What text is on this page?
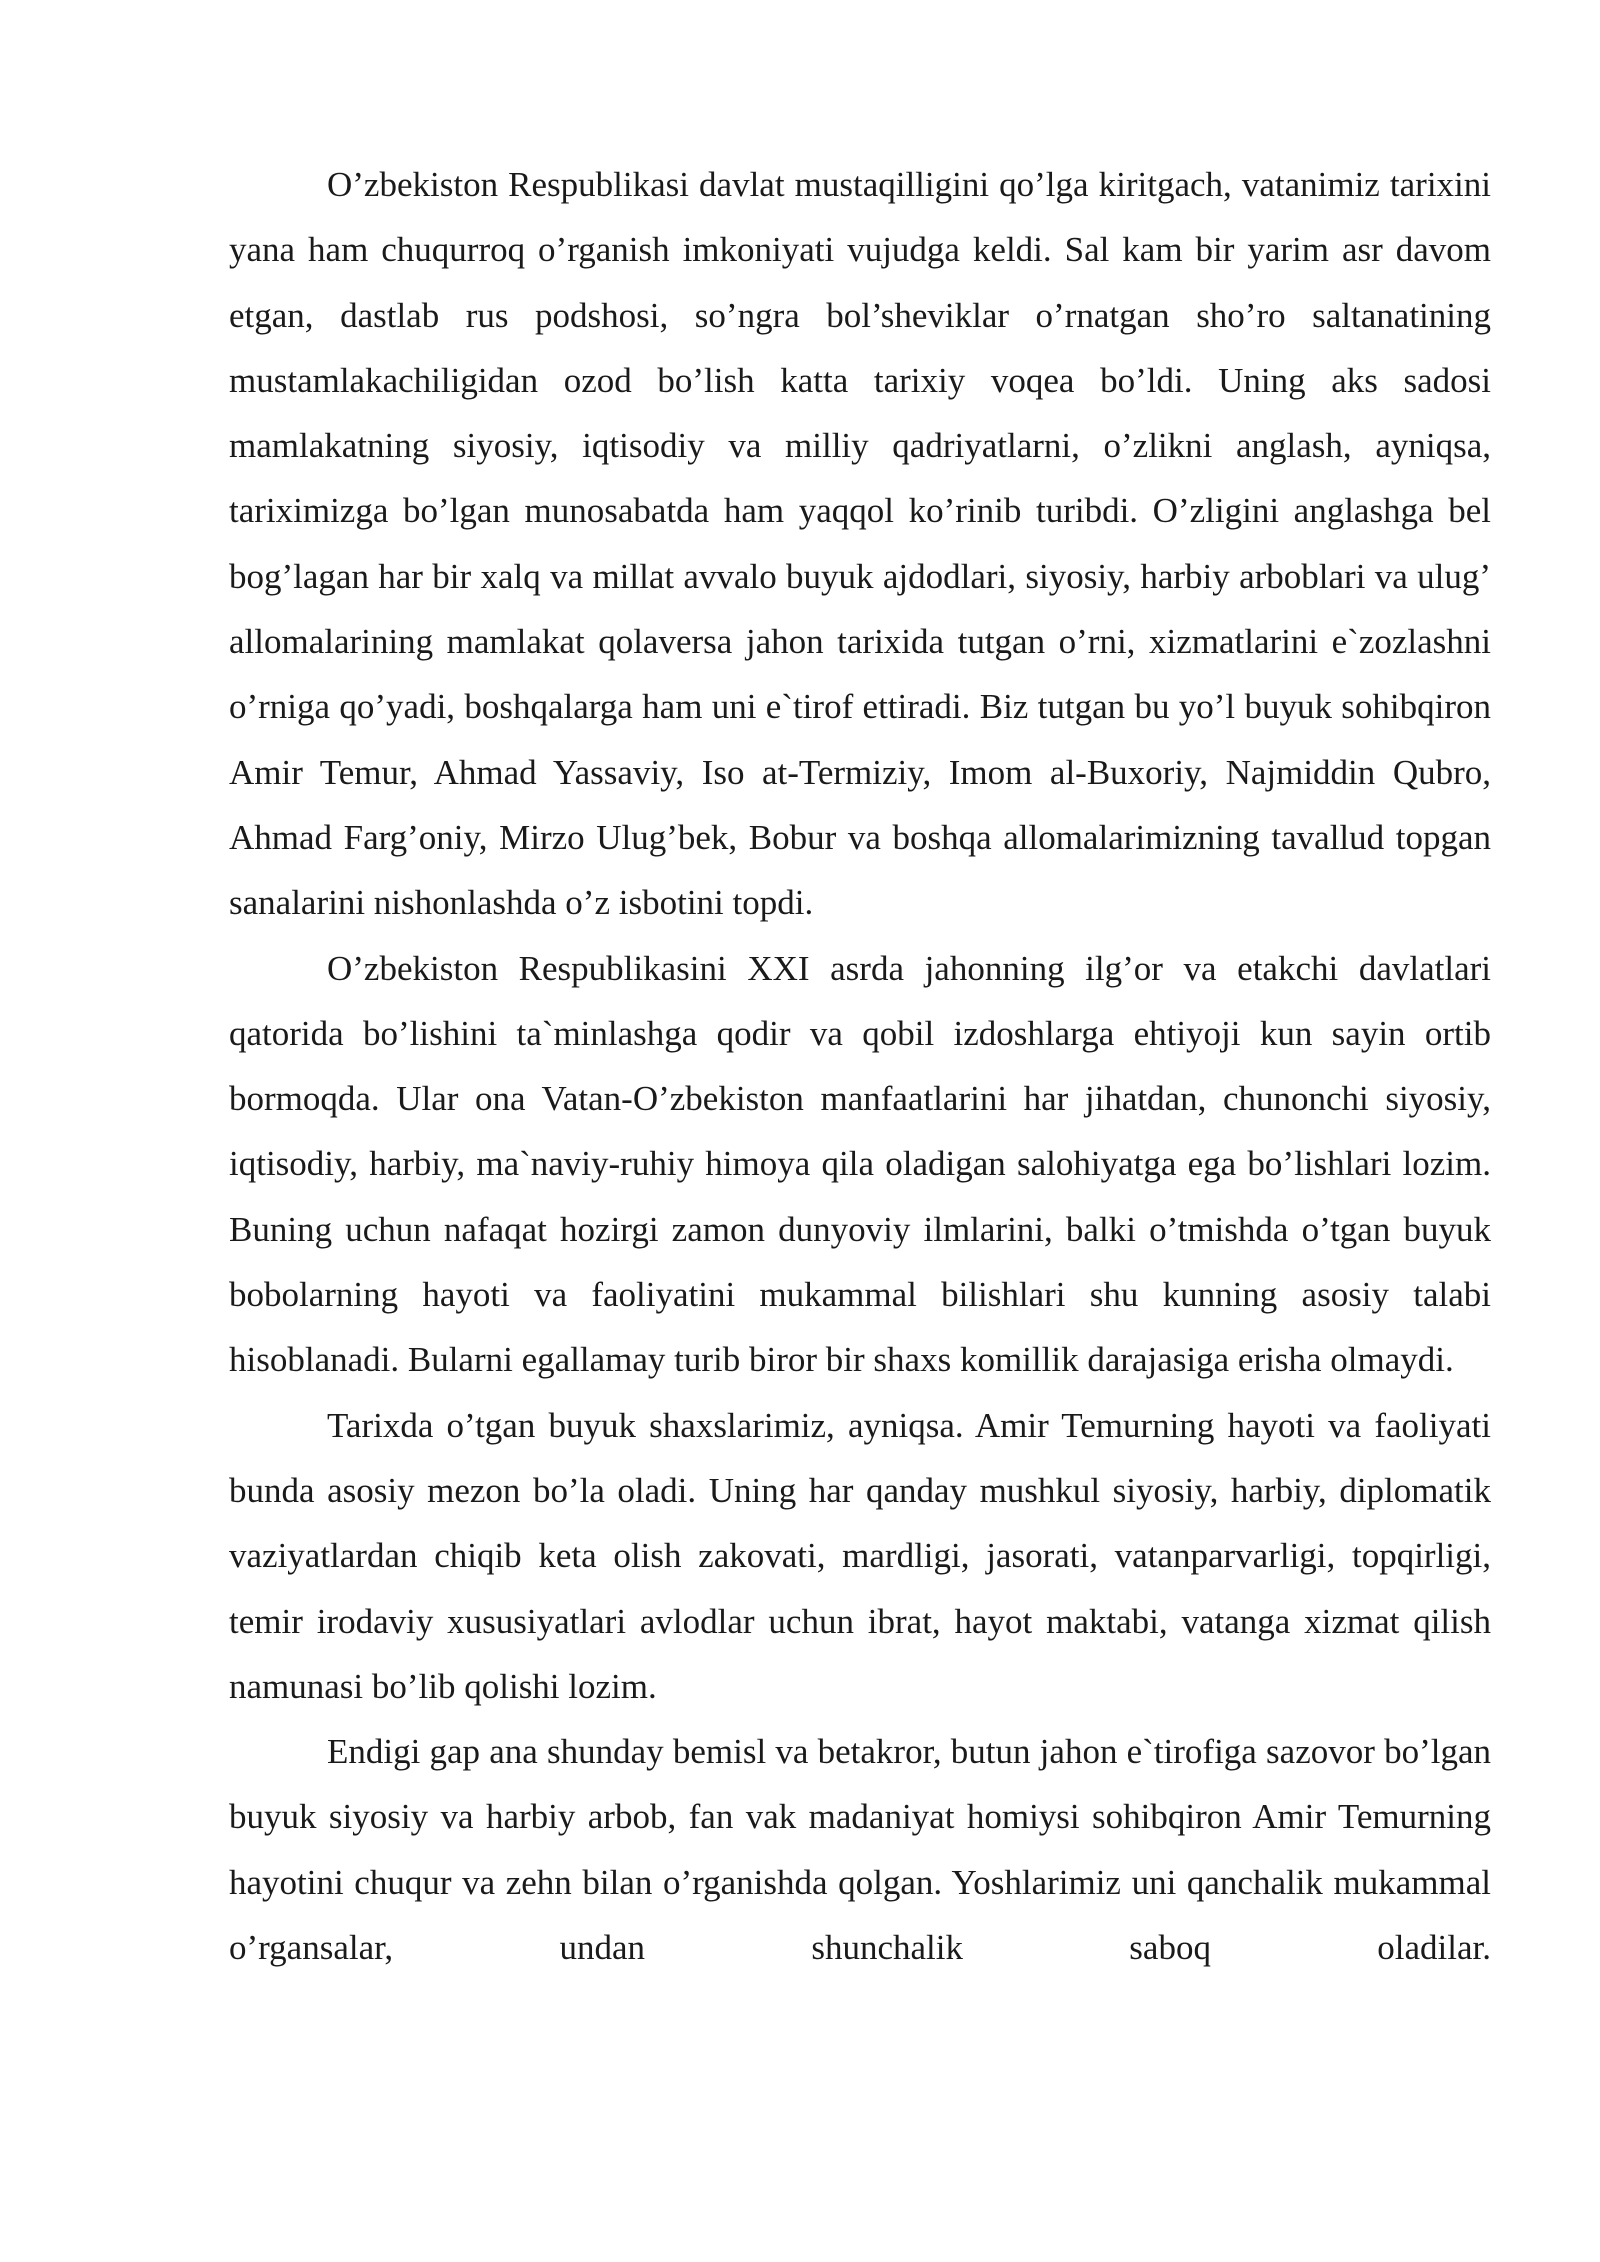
O’zbekiston Respublikasi davlat mustaqilligini qo’lga kiritgach, vatanimiz tarixini yana ham chuqurroq o’rganish imkoniyati vujudga keldi. Sal kam bir yarim asr davom etgan, dastlab rus podshosi, so’ngra bol’sheviklar o’rnatgan sho’ro saltanatining mustamlakachiligidan ozod bo’lish katta tarixiy voqea bo’ldi. Uning aks sadosi mamlakatning siyosiy, iqtisodiy va milliy qadriyatlarni, o’zlikni anglash, ayniqsa, tariximizga bo’lgan munosabatda ham yaqqol ko’rinib turibdi. O’zligini anglashga bel bog’lagan har bir xalq va millat avvalo buyuk ajdodlari, siyosiy, harbiy arboblari va ulug’ allomalarining mamlakat qolaversa jahon tarixida tutgan o’rni, xizmatlarini e`zozlashni o’rniga qo’yadi, boshqalarga ham uni e`tirof ettiradi. Biz tutgan bu yo’l buyuk sohibqiron Amir Temur, Ahmad Yassaviy, Iso at-Termiziy, Imom al-Buxoriy, Najmiddin Qubro, Ahmad Farg’oniy, Mirzo Ulug’bek, Bobur va boshqa allomalarimizning tavallud topgan sanalarini nishonlashda o’z isbotini topdi.

O’zbekiston Respublikasini XXI asrda jahonning ilg’or va etakchi davlatlari qatorida bo’lishini ta`minlashga qodir va qobil izdoshlarga ehtiyoji kun sayin ortib bormoqda. Ular ona Vatan-O’zbekiston manfaatlarini har jihatdan, chunonchi siyosiy, iqtisodiy, harbiy, ma`naviy-ruhiy himoya qila oladigan salohiyatga ega bo’lishlari lozim. Buning uchun nafaqat hozirgi zamon dunyoviy ilmlarini, balki o’tmishda o’tgan buyuk bobolarning hayoti va faoliyatini mukammal bilishlari shu kunning asosiy talabi hisoblanadi. Bularni egallamay turib biror bir shaxs komillik darajasiga erisha olmaydi.

Tarixda o’tgan buyuk shaxslarimiz, ayniqsa. Amir Temurning hayoti va faoliyati bunda asosiy mezon bo’la oladi. Uning har qanday mushkul siyosiy, harbiy, diplomatik vaziyatlardan chiqib keta olish zakovati, mardligi, jasorati, vatanparvarligi, topqirligi, temir irodaviy xususiyatlari avlodlar uchun ibrat, hayot maktabi, vatanga xizmat qilish namunasi bo’lib qolishi lozim.

Endigi gap ana shunday bemisl va betakror, butun jahon e`tirofiga sazovor bo’lgan buyuk siyosiy va harbiy arbob, fan vak madaniyat homiysi sohibqiron Amir Temurning hayotini chuqur va zehn bilan o’rganishda qolgan. Yoshlarimiz uni qanchalik mukammal o’rgansalar, undan shunchalik saboq oladilar.
